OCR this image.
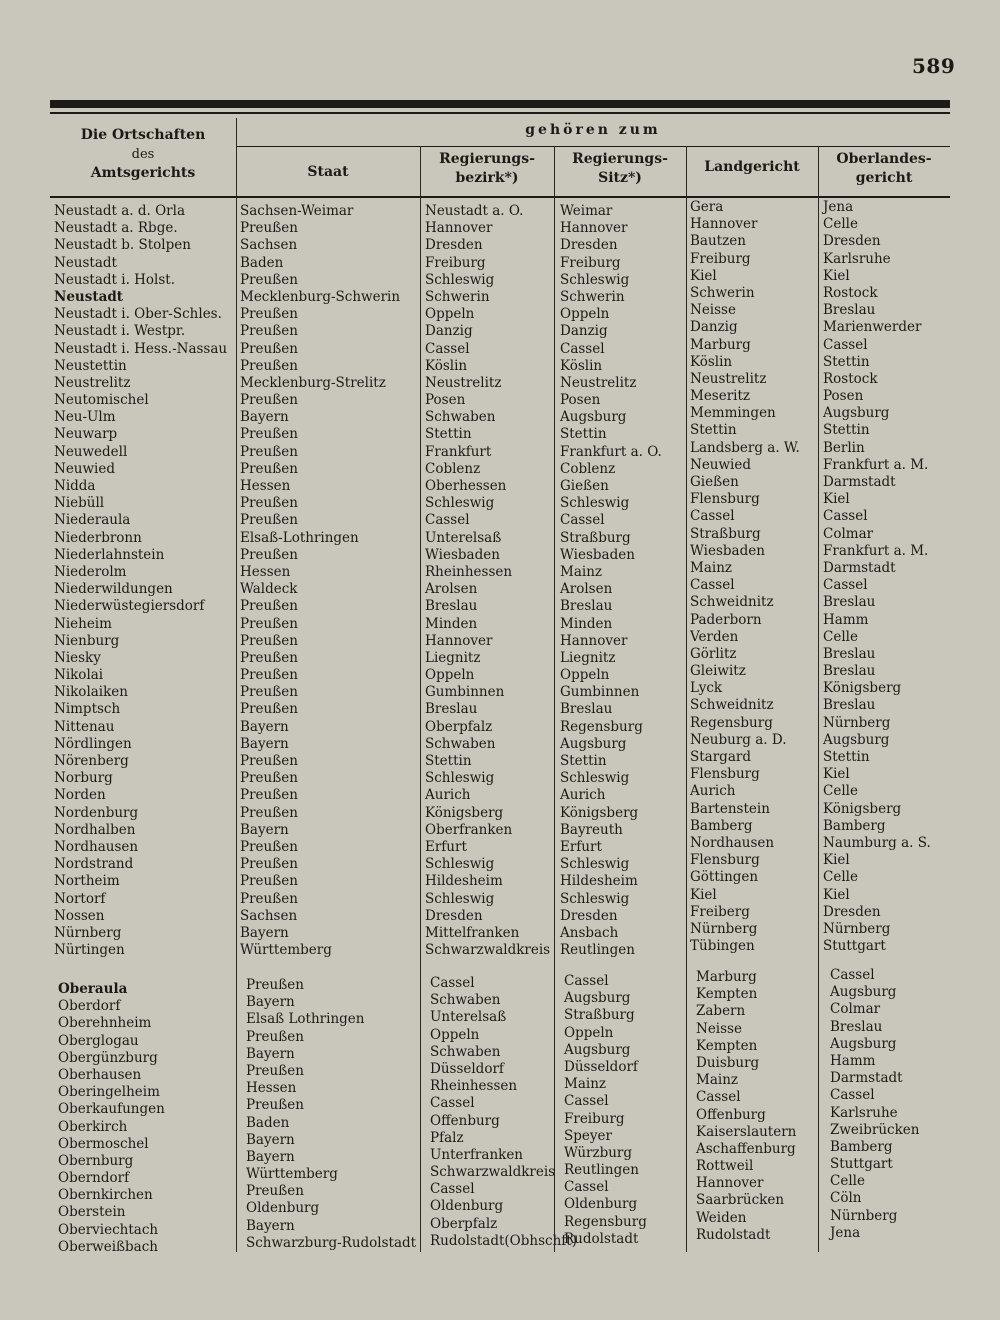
589
Die Ortschaften
des
Amtsgerichts
gehören zum
Staat
Regierungs-
bezirk*)
Regierungs-
Sitz*)
Landgericht	Oberlandes-
gericht
Neustadt a. d. Orla
Neustadt a. Rbge.
Neustadt b. Stolpen
Neustadt
Neustadt i. Holst.
Neustadt
Neustadt i. Ober-Schles.
Neustadt i. Westpr.
Neustadt i. Hess.-Nassau
Neustettin
Neustrelitz
Neutomischel
Neu-Ulm
Neuwarp
Neuwedell
Neuwied
Nidda
Niebüll
Niederaula
Niederbronn
Niederlahnstein
Niederolm
Niederwildungen
Niederwüstegiersdorf
Nieheim
Nienburg
Niesky
Nikolai
Nikolaiken
Nimptsch
Nittenau
Nördlingen
Nörenberg
Norburg
Norden
Nordenburg
Nordhalben
Nordhausen
Nordstrand
Northeim
Nortorf
Nossen
Nürnberg
Nürtingen
Sachsen-Weimar
Preußen
Sachsen
Baden
Preußen
Mecklenburg-Schwerin
Preußen
Preußen
Preußen
Preußen
Mecklenburg-Strelitz
Preußen
Bayern
Preußen
Preußen
Preußen
Hessen
Preußen
Preußen
Elsaß-Lothringen
Preußen
Hessen
Waldeck
Preußen
Preußen
Preußen
Preußen
Preußen
Preußen
Preußen
Bayern
Bayern
Preußen
Preußen
Preußen
Preußen
Bayern
Preußen
Preußen
Preußen
Preußen
Sachsen
Bayern
Württemberg
Neustadt a. O.
Hannover
Dresden
Freiburg
Schleswig
Schwerin
Oppeln
Danzig
Cassel
Köslin
Neustrelitz
Posen
Schwaben
Stettin
Frankfurt
Coblenz
Oberhessen
Schleswig
Cassel
Unterelsaß
Wiesbaden
Rheinhessen
Arolsen
Breslau
Minden
Hannover
Liegnitz
Oppeln
Gumbinnen
Breslau
Oberpfalz
Schwaben
Stettin
Schleswig
Aurich
Königsberg
Oberfranken
Erfurt
Schleswig
Hildesheim
Schleswig
Dresden
Mittelfranken
Schwarzwaldkreis
Weimar
Hannover
Dresden
Freiburg
Schleswig
Schwerin
Oppeln
Danzig
Cassel
Köslin
Neustrelitz
Posen
Augsburg
Stettin
Frankfurt a. O.
Coblenz
Gießen
Schleswig
Cassel
Straßburg
Wiesbaden
Mainz
Arolsen
Breslau
Minden
Hannover
Liegnitz
Oppeln
Gumbinnen
Breslau
Regensburg
Augsburg
Stettin
Schleswig
Aurich
Königsberg
Bayreuth
Erfurt
Schleswig
Hildesheim
Schleswig
Dresden
Ansbach
Reutlingen
Gera
Hannover
Bautzen
Freiburg
Kiel
Schwerin
Neisse
Danzig
Marburg
Köslin
Neustrelitz
Meseritz
Memmingen
Stettin
Landsberg a. W.
Neuwied
Gießen
Flensburg
Cassel
Straßburg
Wiesbaden
Mainz
Cassel
Schweidnitz
Paderborn
Verden
Görlitz
Gleiwitz
Lyck
Schweidnitz
Regensburg
Neuburg a. D.
Stargard
Flensburg
Aurich
Bartenstein
Bamberg
Nordhausen
Flensburg
Göttingen
Kiel
Freiberg
Nürnberg
Tübingen
Jena
Celle
Dresden
Karlsruhe
Kiel
Rostock
Breslau
Marienwerder
Cassel
Stettin
Rostock
Posen
Augsburg
Stettin
Berlin
Frankfurt a. M.
Darmstadt
Kiel
Cassel
Colmar
Frankfurt a. M.
Darmstadt
Cassel
Breslau
Hamm
Celle
Breslau
Breslau
Königsberg
Breslau
Nürnberg
Augsburg
Stettin
Kiel
Celle
Königsberg
Bamberg
Naumburg a. S.
Kiel
Celle
Kiel
Dresden
Nürnberg
Stuttgart
Oberaula
Oberdorf
Oberehnheim
Oberglogau
Obergünzburg
Oberhausen
Oberingelheim
Oberkaufungen
Oberkirch
Obermoschel
Obernburg
Oberndorf
Obernkirchen
Oberstein
Oberviechtach
Oberweißbach
Preußen
Bayern
Elsaß Lothringen
Preußen
Bayern
Preußen
Hessen
Preußen
Baden
Bayern
Bayern
Württemberg
Preußen
Oldenburg
Bayern
Schwarzburg-Rudolstadt
Cassel
Schwaben
Unterelsaß
Oppeln
Schwaben
Düsseldorf
Rheinhessen
Cassel
Offenburg
Pfalz
Unterfranken
Schwarzwaldkreis
Cassel
Oldenburg
Oberpfalz
Rudolstadt(Obhschft)
Cassel
Augsburg
Straßburg
Oppeln
Augsburg
Düsseldorf
Mainz
Cassel
Freiburg
Speyer
Würzburg
Reutlingen
Cassel
Oldenburg
Regensburg
Rudolstadt
Marburg
Kempten
Zabern
Neisse
Kempten
Duisburg
Mainz
Cassel
Offenburg
Kaiserslautern
Aschaffenburg
Rottweil
Hannover
Saarbrücken
Weiden
Rudolstadt
Cassel
Augsburg
Colmar
Breslau
Augsburg
Hamm
Darmstadt
Cassel
Karlsruhe
Zweibrücken
Bamberg
Stuttgart
Celle
Cöln
Nürnberg
Jena
